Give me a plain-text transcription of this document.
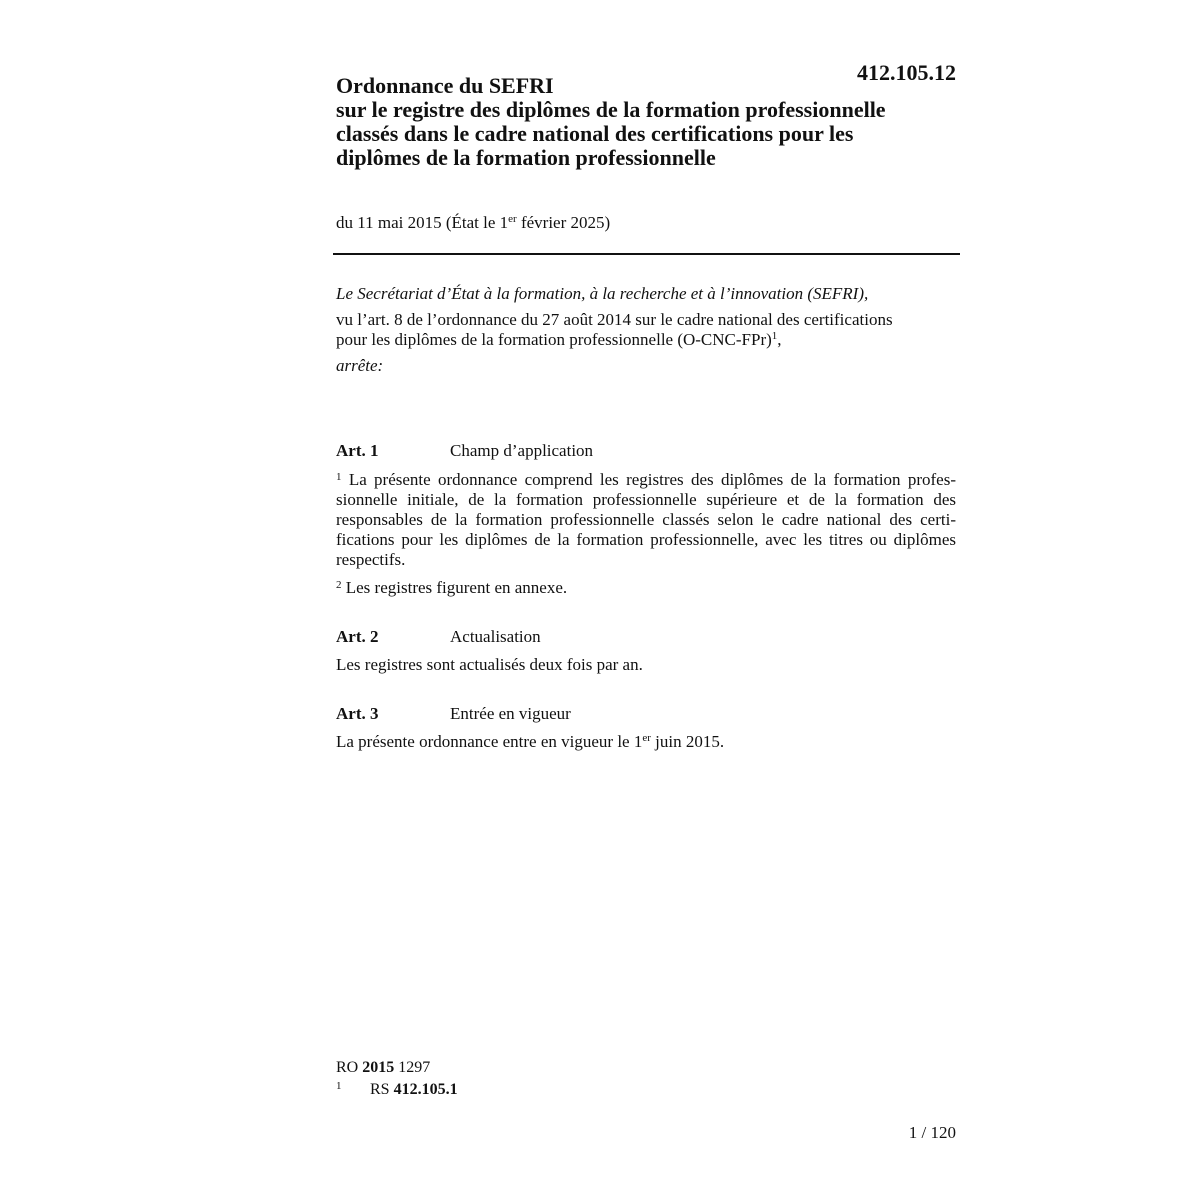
412.105.12
Ordonnance du SEFRI
sur le registre des diplômes de la formation professionnelle
classés dans le cadre national des certifications pour les
diplômes de la formation professionnelle
du 11 mai 2015 (État le 1er février 2025)
Le Secrétariat d’État à la formation, à la recherche et à l’innovation (SEFRI),
vu l’art. 8 de l’ordonnance du 27 août 2014 sur le cadre national des certifications
pour les diplômes de la formation professionnelle $(O-CNC-FPr)^1$,
arrête:
Art. 1	Champ d’application
$^1$ La présente ordonnance comprend les registres des diplômes de la formation profes-
sionnelle initiale, de la formation professionnelle supérieure et de la formation des
responsables de la formation professionnelle classés selon le cadre national des certi-
fications pour les diplômes de la formation professionnelle, avec les titres ou diplômes
respectifs.
$^2$ Les registres figurent en annexe.
Art. 2	Actualisation
Les registres sont actualisés deux fois par an.
Art. 3	Entrée en vigueur
La présente ordonnance entre en vigueur le 1er juin 2015.
RO 2015 1297
$^1$ RS 412.105.1
1 / 120
